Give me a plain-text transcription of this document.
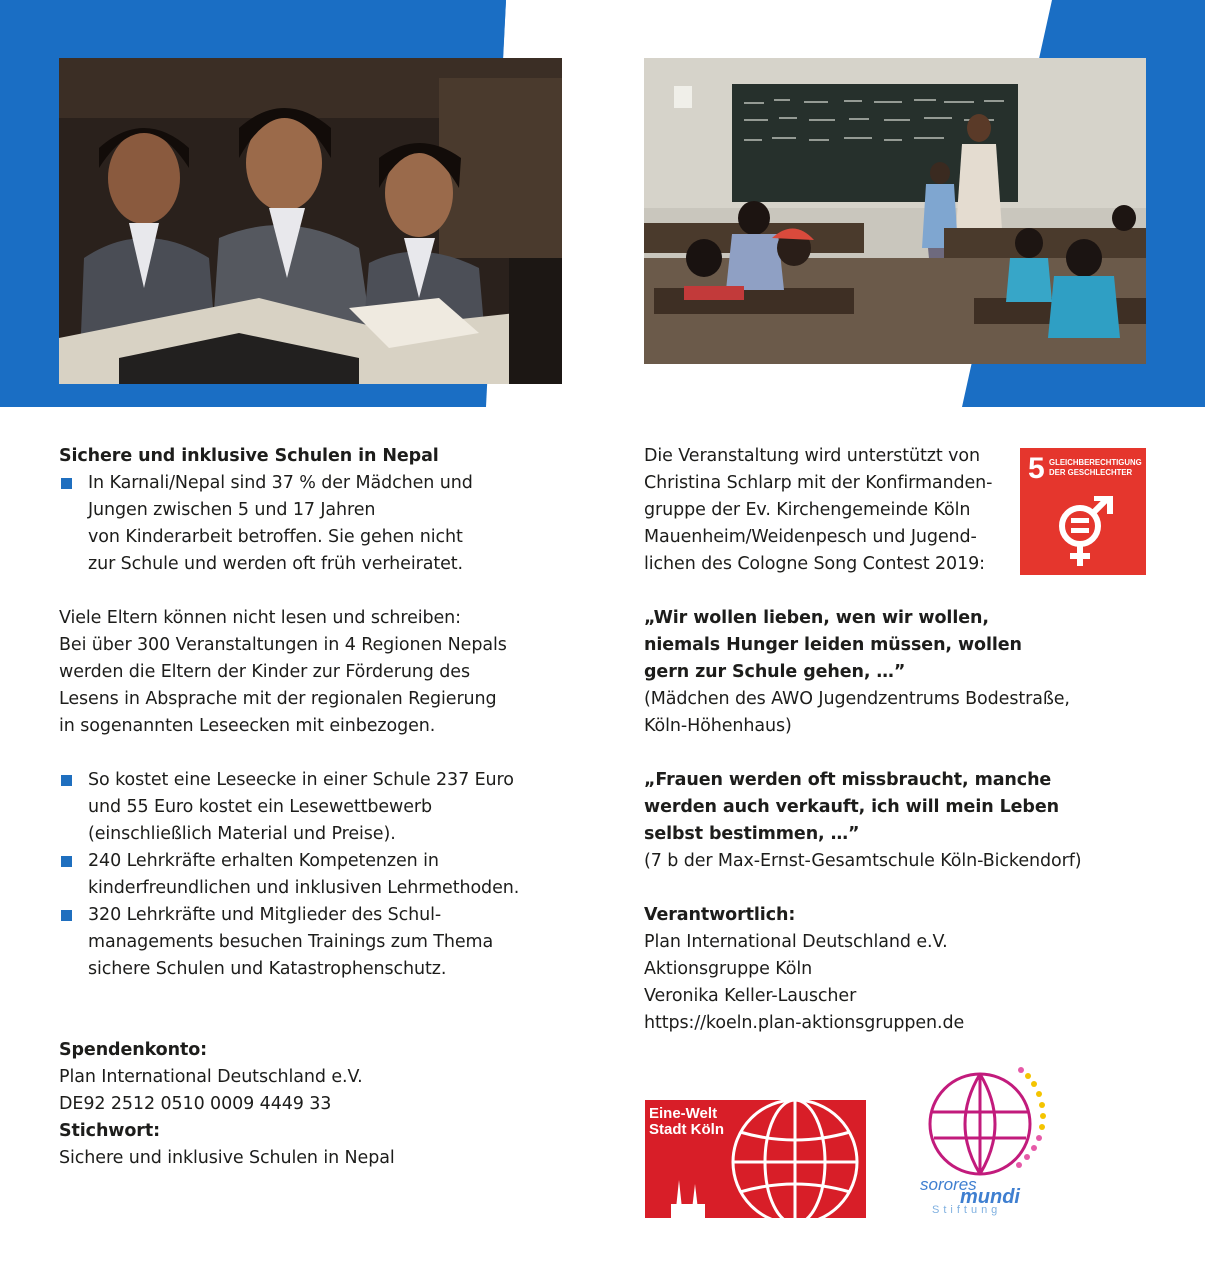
Sichere und inklusive Schulen in Nepal
In Karnali/Nepal sind 37 % der Mädchen und
Jungen zwischen 5 und 17 Jahren
von Kinderarbeit betroffen. Sie gehen nicht
zur Schule und werden oft früh verheiratet.
Viele Eltern können nicht lesen und schreiben:
Bei über 300 Veranstaltungen in 4 Regionen Nepals
werden die Eltern der Kinder zur Förderung des
Lesens in Absprache mit der regionalen Regierung
in sogenannten Leseecken mit einbezogen.
So kostet eine Leseecke in einer Schule 237 Euro
und 55 Euro kostet ein Lesewettbewerb
(einschließlich Material und Preise).
240 Lehrkräfte erhalten Kompetenzen in
kinderfreundlichen und inklusiven Lehrmethoden.
320 Lehrkräfte und Mitglieder des Schul-
managements besuchen Trainings zum Thema
sichere Schulen und Katastrophenschutz.
Spendenkonto:
Plan International Deutschland e.V.
DE92 2512 0510 0009 4449 33
Stichwort:
Sichere und inklusive Schulen in Nepal
Die Veranstaltung wird unterstützt von
Christina Schlarp mit der Konfirmanden-
gruppe der Ev. Kirchengemeinde Köln
Mauenheim/Weidenpesch und Jugend-
lichen des Cologne Song Contest 2019:
„Wir wollen lieben, wen wir wollen,
niemals Hunger leiden müssen, wollen
gern zur Schule gehen, …”
(Mädchen des AWO Jugendzentrums Bodestraße,
Köln-Höhenhaus)
„Frauen werden oft missbraucht, manche
werden auch verkauft, ich will mein Leben
selbst bestimmen, …”
(7 b der Max-Ernst-Gesamtschule Köln-Bickendorf)
Verantwortlich:
Plan International Deutschland e.V.
Aktionsgruppe Köln
Veronika Keller-Lauscher
https://koeln.plan-aktionsgruppen.de
5 GLEICHBERECHTIGUNG
DER GESCHLECHTER
Eine-Welt
Stadt Köln
sorores
mundi
Stiftung
